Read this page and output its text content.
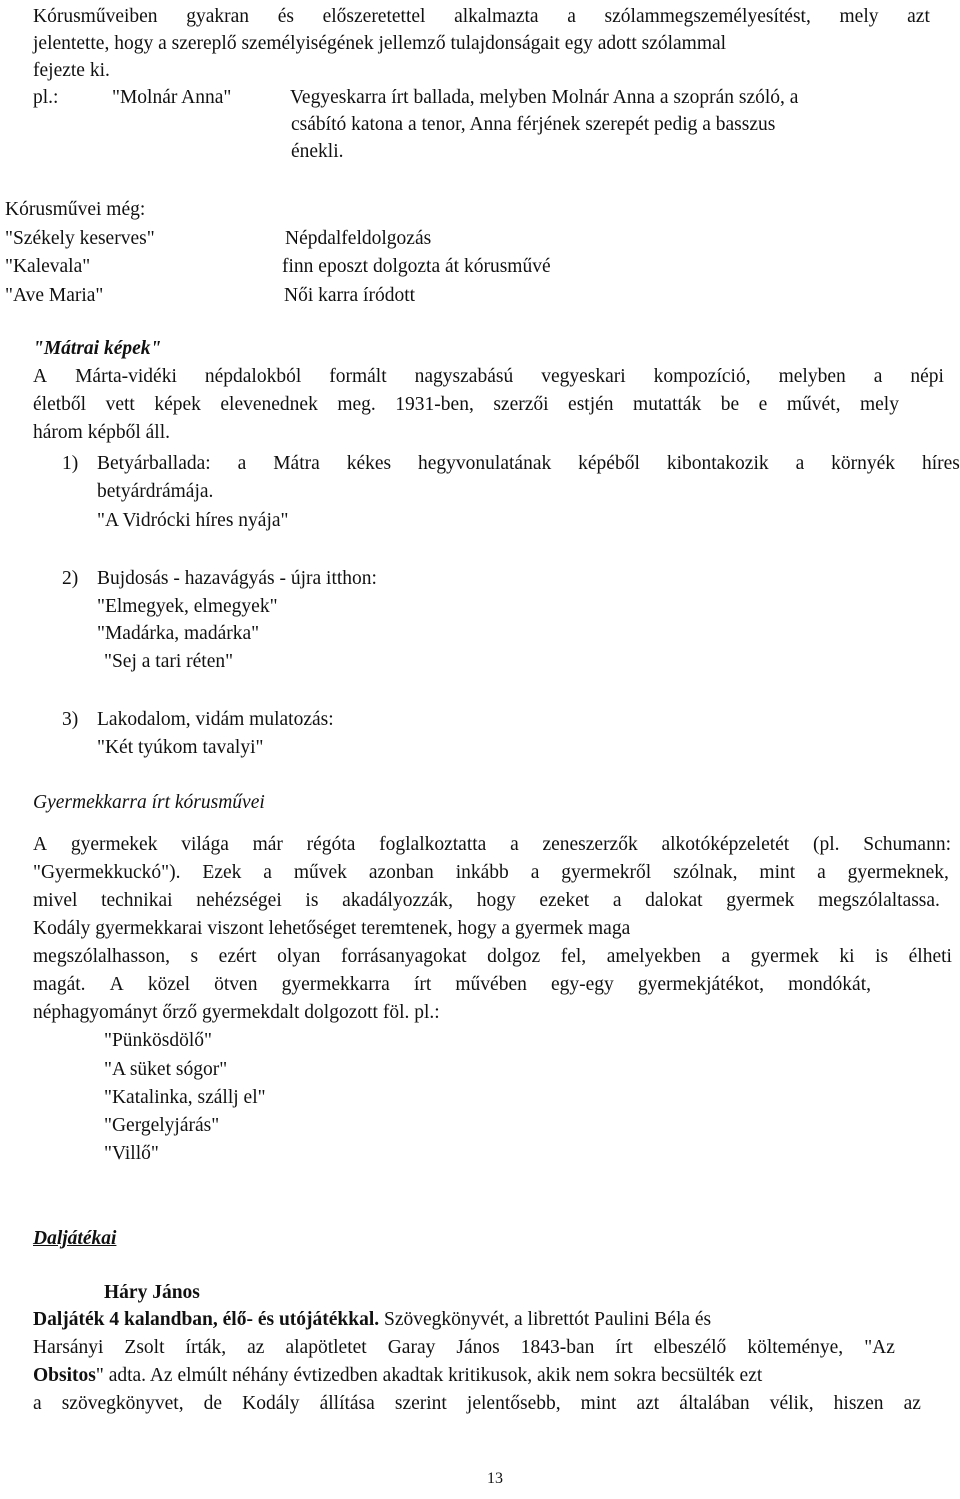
Kórusműveiben gyakran és előszeretettel alkalmazta a szólammegszemélyesítést, mely azt
jelentette, hogy a szereplő személyiségének jellemző tulajdonságait egy adott szólammal
fejezte ki.
pl.:	"Molnár Anna"	Vegyeskarra írt ballada, melyben Molnár Anna a szoprán szóló, a
csábító katona a tenor, Anna férjének szerepét pedig a basszus
énekli.
Kórusművei még:
"Székely keserves"	Népdalfeldolgozás
"Kalevala"	finn eposzt dolgozta át kórusművé
"Ave Maria"	Női karra íródott
"Mátrai képek"
A Márta-vidéki népdalokból formált nagyszabású vegyeskari kompozíció, melyben a népi
életből vett képek elevenednek meg. 1931-ben, szerzői estjén mutatták be e művét, mely
három képből áll.
1) Betyárballada: a Mátra kékes hegyvonulatának képéből kibontakozik a környék híres
betyárdrámája.
"A Vidrócki híres nyája"
2) Bujdosás - hazavágyás - újra itthon:
"Elmegyek, elmegyek"
"Madárka, madárka"
"Sej a tari réten"
3) Lakodalom, vidám mulatozás:
"Két tyúkom tavalyi"
Gyermekkarra írt kórusművei
A gyermekek világa már régóta foglalkoztatta a zeneszerzők alkotóképzeletét (pl. Schumann:
"Gyermekkuckó"). Ezek a művek azonban inkább a gyermekről szólnak, mint a gyermeknek,
mivel technikai nehézségei is akadályozzák, hogy ezeket a dalokat gyermek megszólaltassa.
Kodály gyermekkarai viszont lehetőséget teremtenek, hogy a gyermek maga
megszólalhasson, s ezért olyan forrásanyagokat dolgoz fel, amelyekben a gyermek ki is élheti
magát. A közel ötven gyermekkarra írt művében egy-egy gyermekjátékot, mondókát,
néphagyományt őrző gyermekdalt dolgozott föl. pl.:
"Pünkösdölő"
"A süket sógor"
"Katalinka, szállj el"
"Gergelyjárás"
"Villő"
Daljátékai
Háry János
Daljáték 4 kalandban, élő- és utójátékkal. Szövegkönyvét, a librettót Paulini Béla és
Harsányi Zsolt írták, az alapötletet Garay János 1843-ban írt elbeszélő költeménye, "Az
Obsitos" adta. Az elmúlt néhány évtizedben akadtak kritikusok, akik nem sokra becsülték ezt
a szövegkönyvet, de Kodály állítása szerint jelentősebb, mint azt általában vélik, hiszen az
13
